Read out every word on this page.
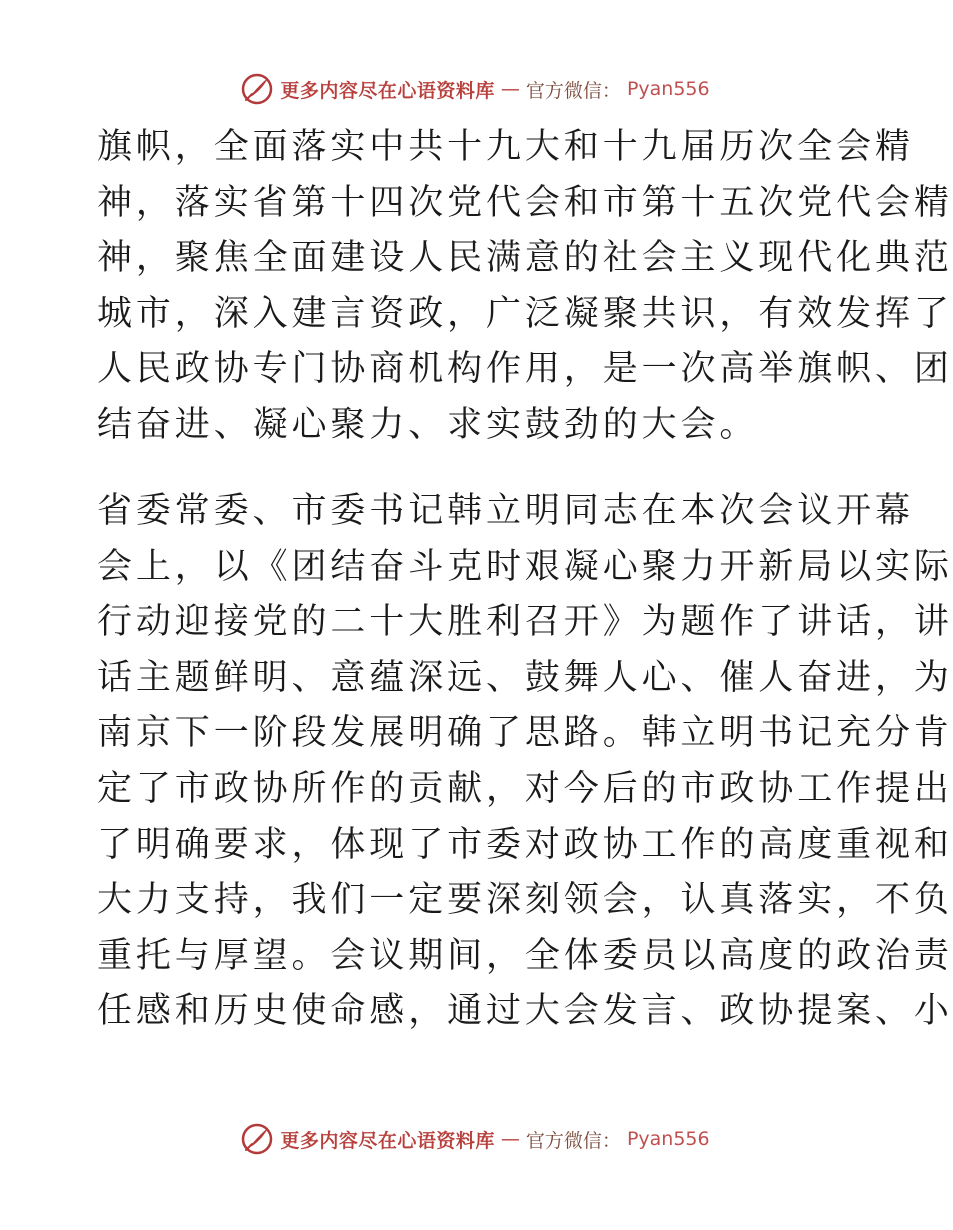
更多内容尽在心语资料库 — 官方微信： Pyan556
旗帜，全面落实中共十九大和十九届历次全会精
神，落实省第十四次党代会和市第十五次党代会精
神，聚焦全面建设人民满意的社会主义现代化典范
城市，深入建言资政，广泛凝聚共识，有效发挥了
人民政协专门协商机构作用，是一次高举旗帜、团
结奋进、凝心聚力、求实鼓劲的大会。
省委常委、市委书记韩立明同志在本次会议开幕
会上，以《团结奋斗克时艰凝心聚力开新局以实际
行动迎接党的二十大胜利召开》为题作了讲话，讲
话主题鲜明、意蕴深远、鼓舞人心、催人奋进，为
南京下一阶段发展明确了思路。韩立明书记充分肯
定了市政协所作的贡献，对今后的市政协工作提出
了明确要求，体现了市委对政协工作的高度重视和
大力支持，我们一定要深刻领会，认真落实，不负
重托与厚望。会议期间，全体委员以高度的政治责
任感和历史使命感，通过大会发言、政协提案、小
更多内容尽在心语资料库 — 官方微信： Pyan556
